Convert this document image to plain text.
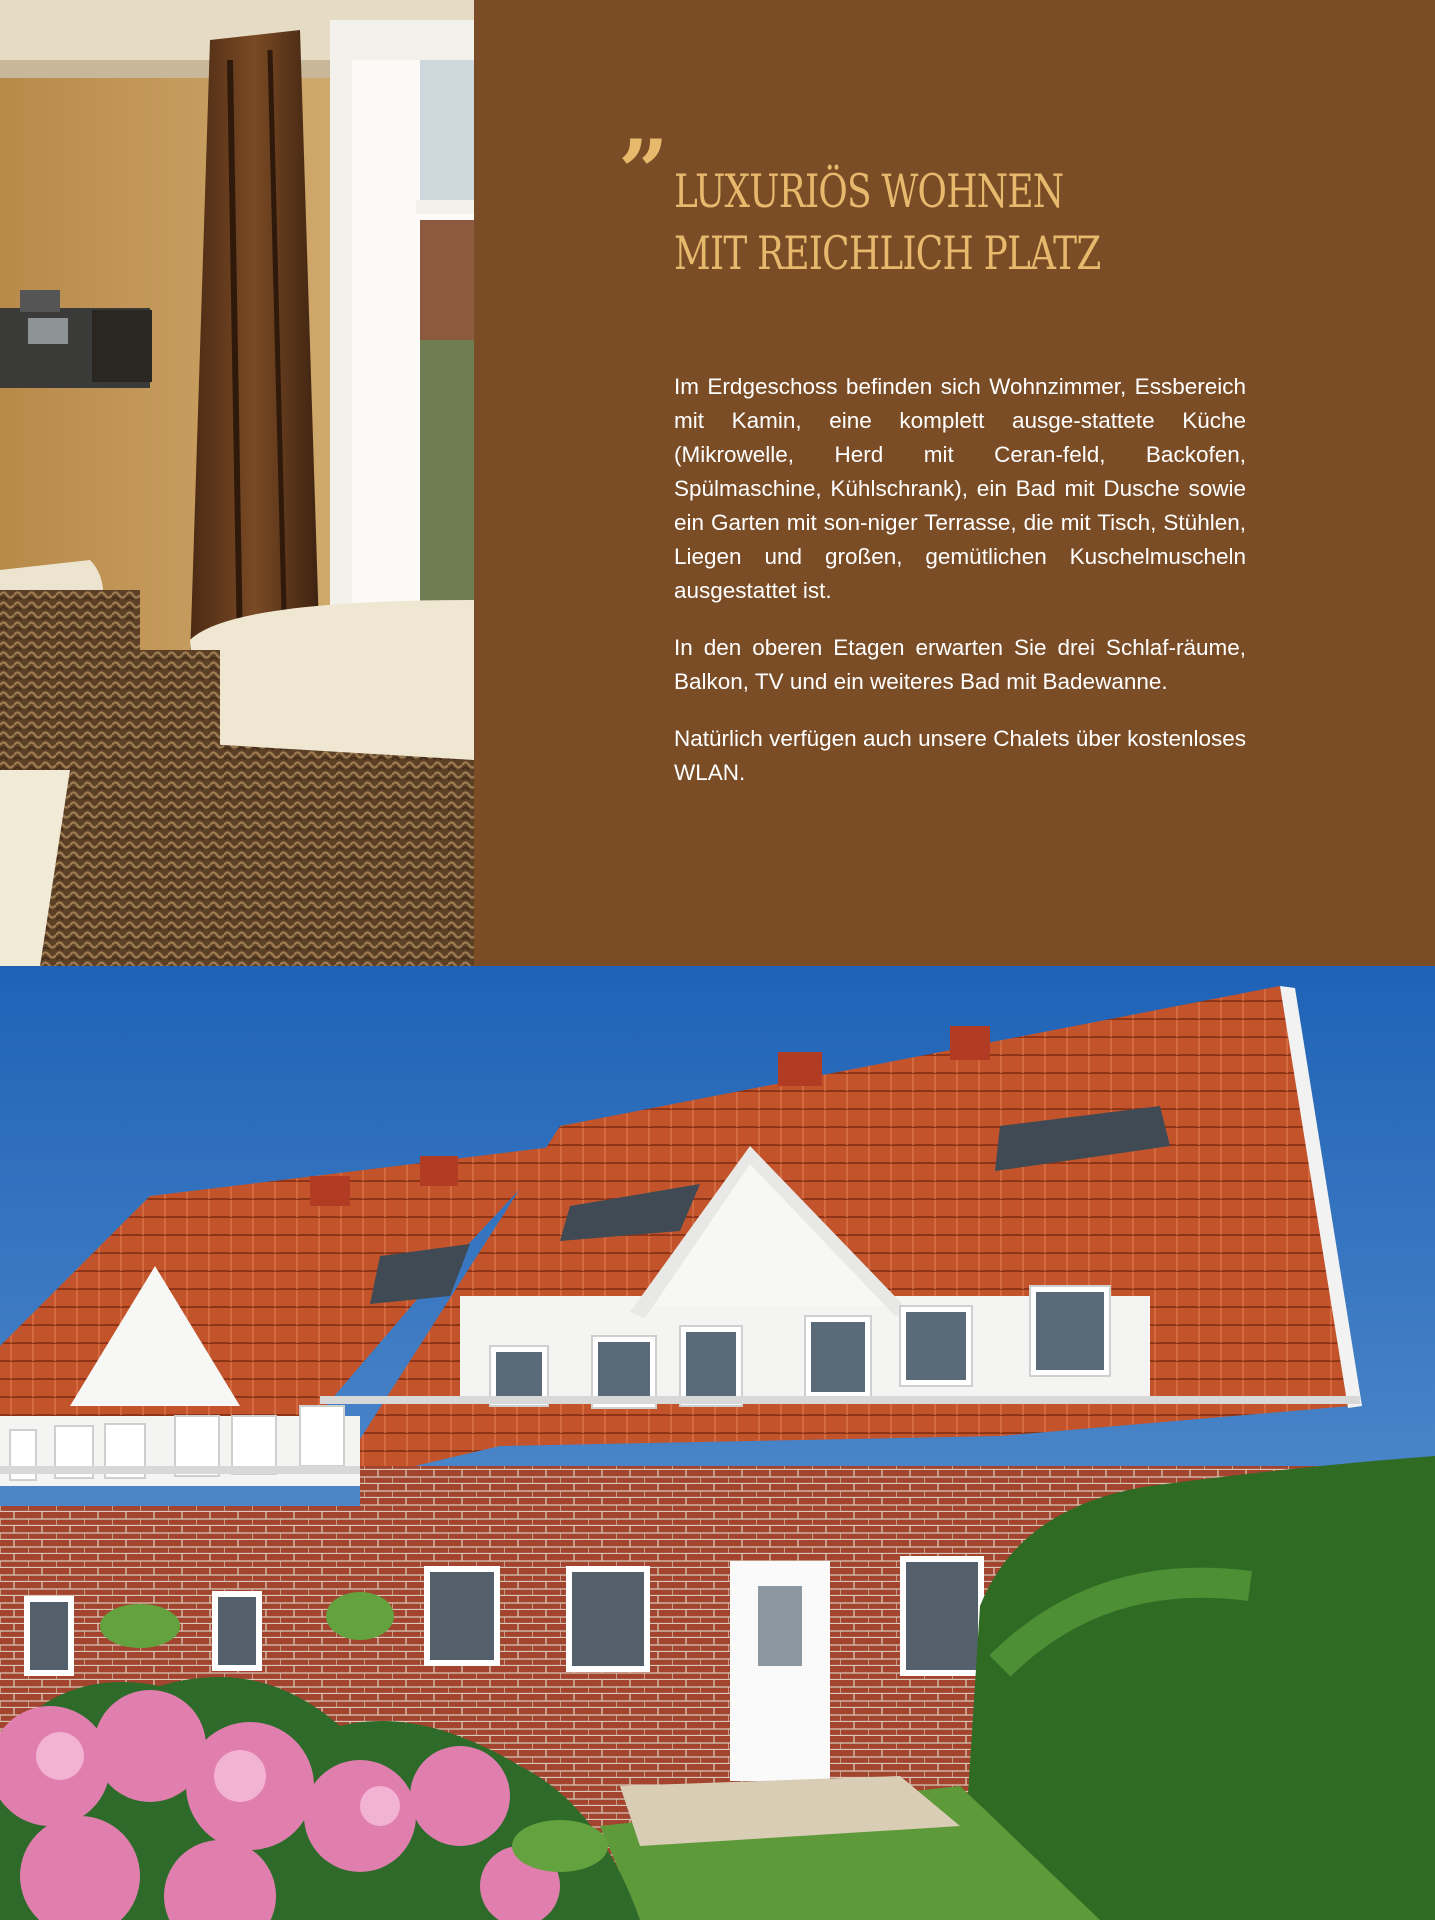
” LUXURIÖS WOHNEN
MIT REICHLICH PLATZ

Im Erdgeschoss befinden sich Wohnzimmer, Essbereich mit Kamin, eine komplett ausge-stattete Küche (Mikrowelle, Herd mit Ceran-feld, Backofen, Spülmaschine, Kühlschrank), ein Bad mit Dusche sowie ein Garten mit son-niger Terrasse, die mit Tisch, Stühlen, Liegen und großen, gemütlichen Kuschelmuscheln ausgestattet ist.

In den oberen Etagen erwarten Sie drei Schlaf-räume, Balkon, TV und ein weiteres Bad mit Badewanne.

Natürlich verfügen auch unsere Chalets über kostenloses WLAN.
